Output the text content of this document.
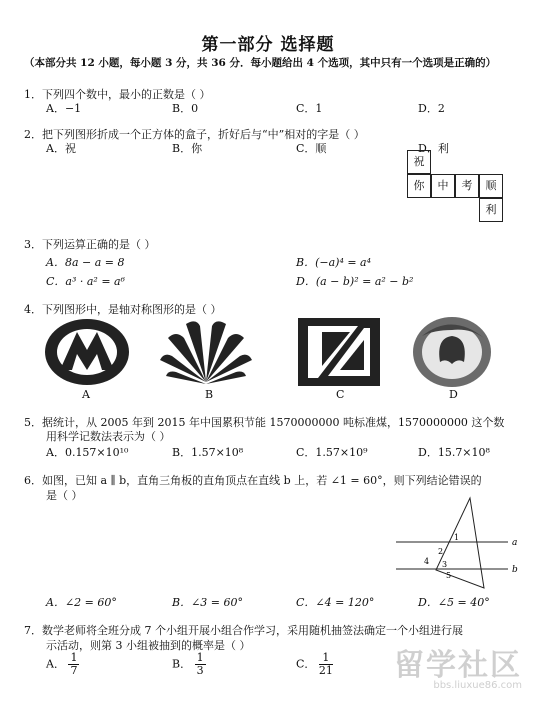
第一部分 选择题
（本部分共 12 小题，每小题 3 分，共 36 分．每小题给出 4 个选项，其中只有一个选项是正确的）
1．下列四个数中，最小的正数是（ ）
A．−1	B．0	C．1	D．2
2．把下列图形折成一个正方体的盒子，折好后与“中”相对的字是（ ）
A．祝	B．你	C．顺	D．利
祝
你	中	考	顺
利
3．下列运算正确的是（ ）
A．8a − a = 8	B．(−a)⁴ = a⁴
C．a³ · a² = a⁶	D．(a − b)² = a² − b²
4．下列图形中，是轴对称图形的是（ ）
A	B	C	D
5．据统计，从 2005 年到 2015 年中国累积节能 1570000000 吨标准煤，1570000000 这个数
用科学记数法表示为（ ）
A．0.157×10¹⁰	B．1.57×10⁸	C．1.57×10⁹	D．15.7×10⁸
6．如图，已知 a ∥ b，直角三角板的直角顶点在直线 b 上，若 ∠1 = 60°，则下列结论错误的
是（ ）
a
b
1
2
3
4
5
A．∠2 = 60°	B．∠3 = 60°	C．∠4 = 120°	D．∠5 = 40°
7．数学老师将全班分成 7 个小组开展小组合作学习，采用随机抽签法确定一个小组进行展
示活动，则第 3 小组被抽到的概率是（ ）
A． $\frac{1}{7}$	B． $\frac{1}{3}$	C． $\frac{1}{21}$ 留学社区
bbs.liuxue86.com
